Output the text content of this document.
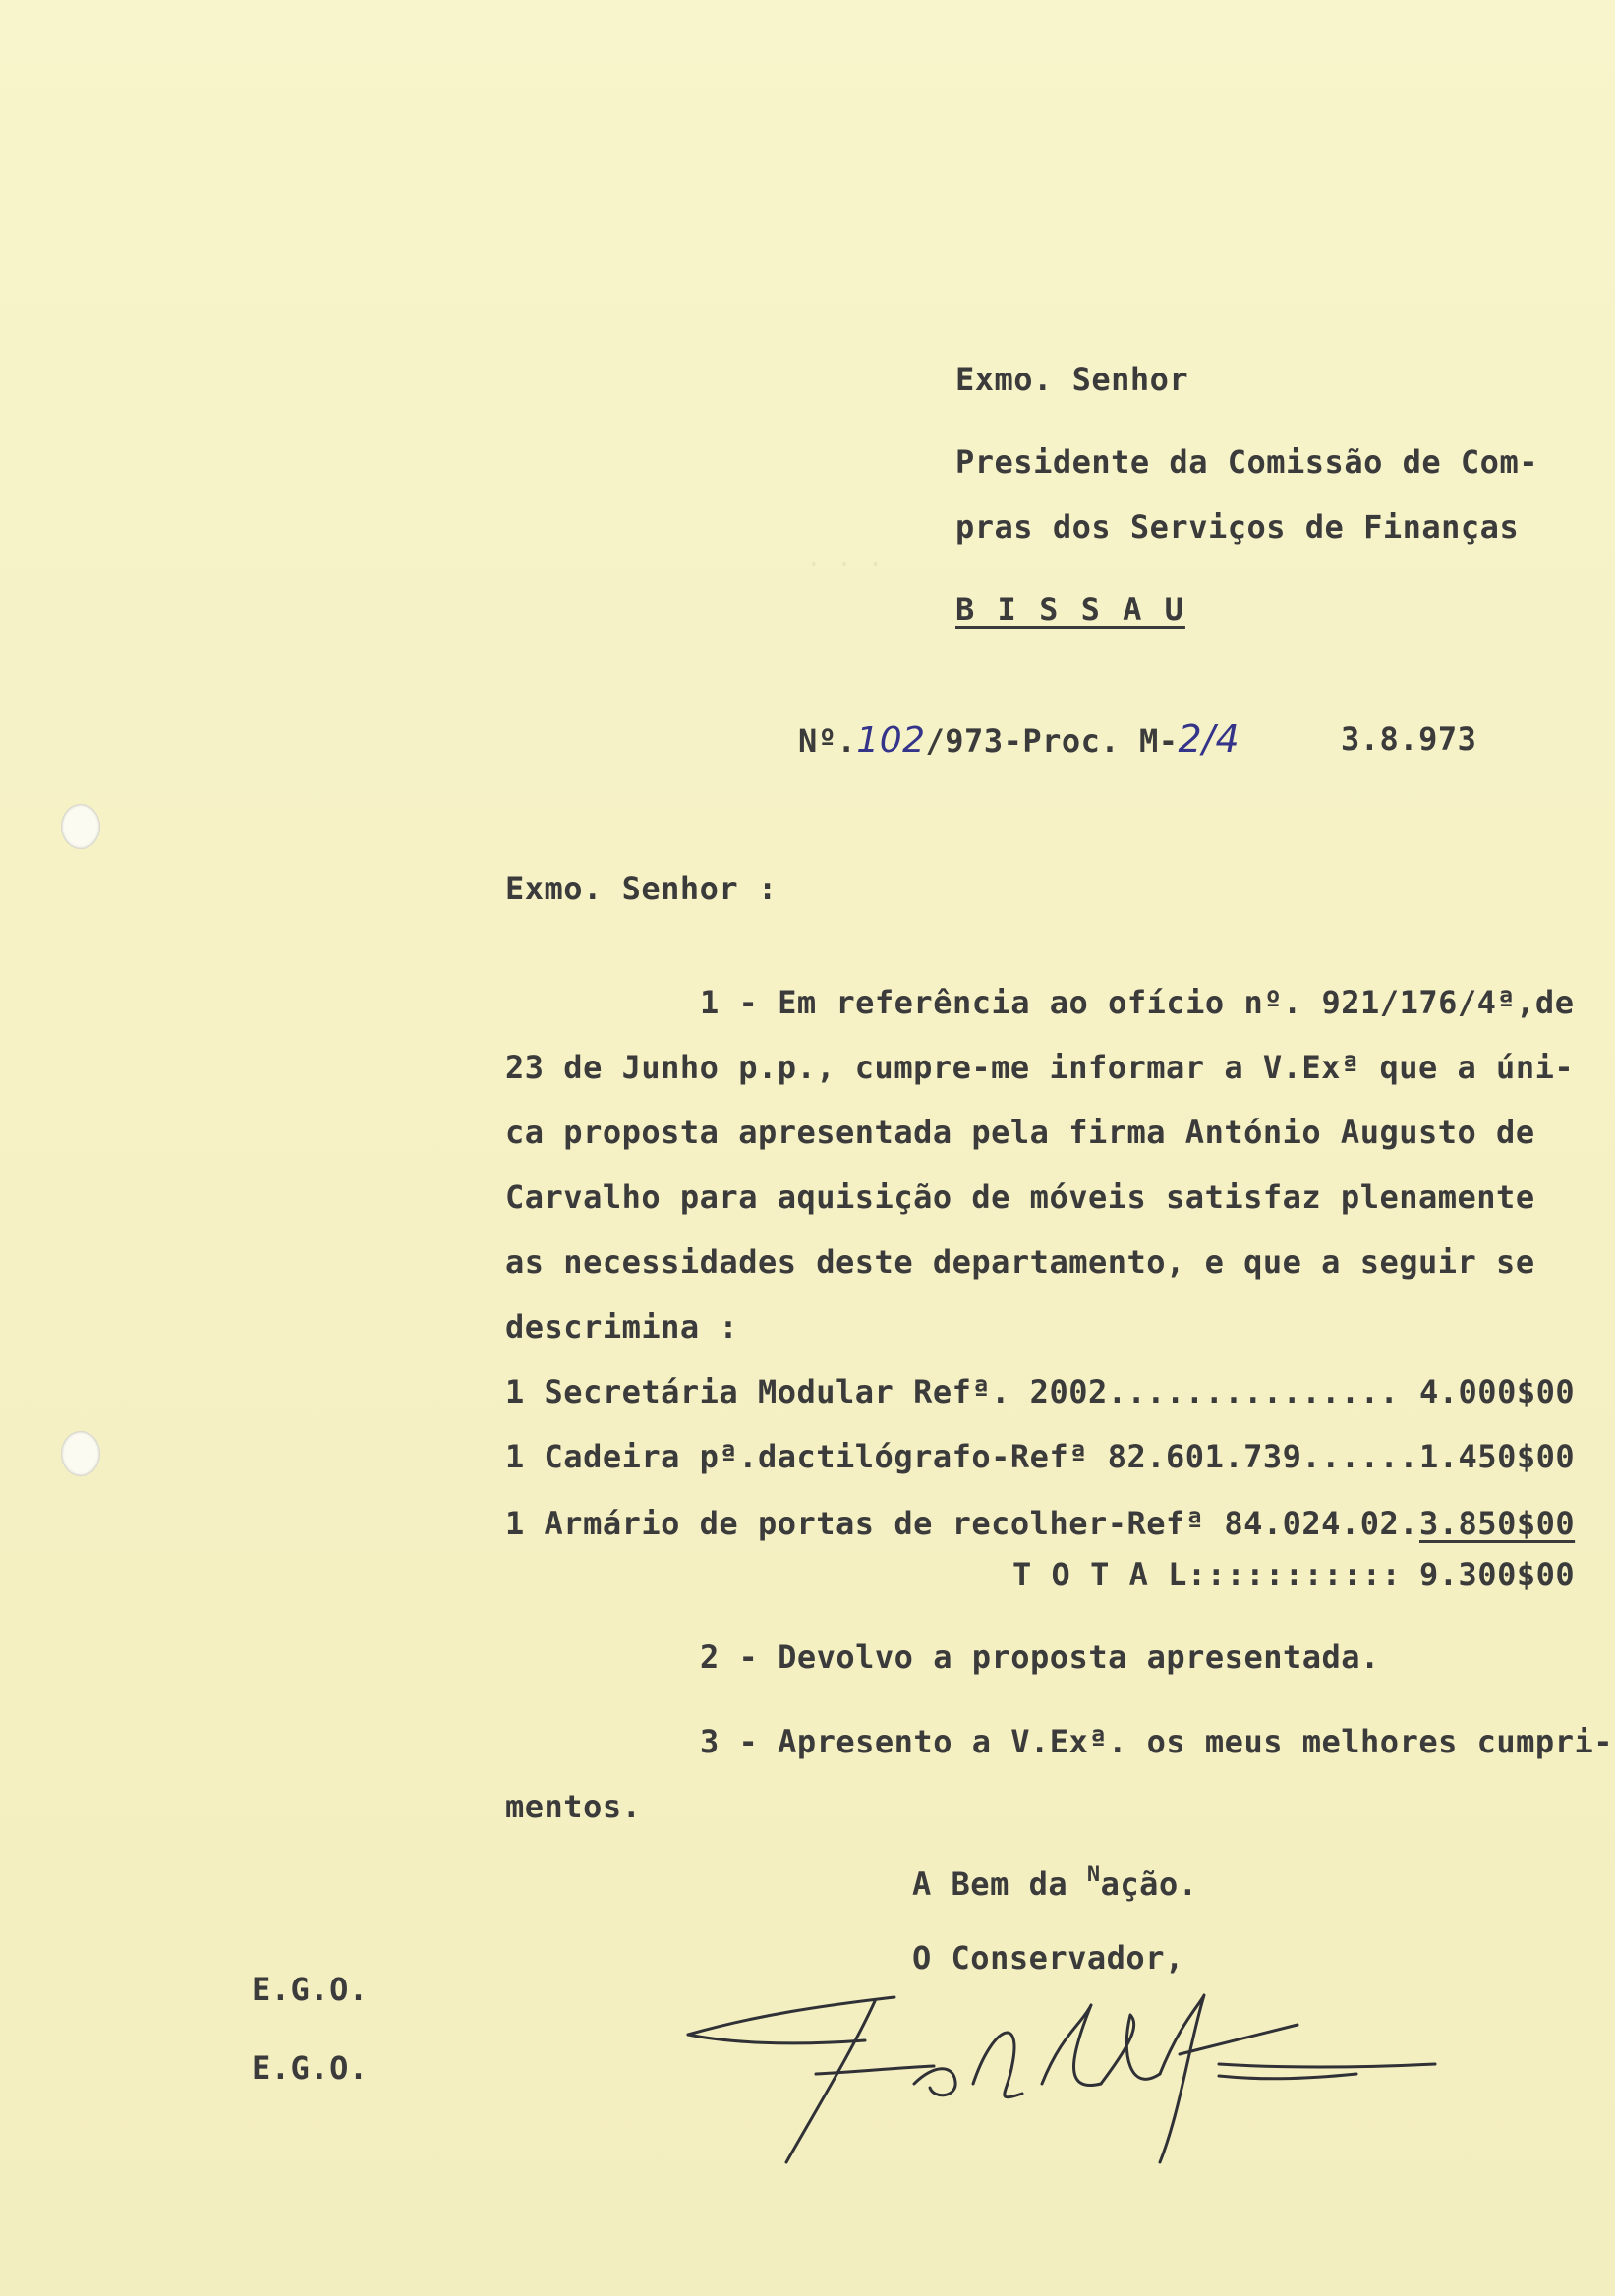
· · ·
Exmo. Senhor
Presidente da Comissão de Com-
pras dos Serviços de Finanças
B I S S A U
Nº.102/973-Proc. M-2/4	3.8.973
Exmo. Senhor :
1 - Em referência ao ofício nº. 921/176/4ª,de
23 de Junho p.p., cumpre-me informar a V.Exª que a úni-
ca proposta apresentada pela firma António Augusto de
Carvalho para aquisição de móveis satisfaz plenamente
as necessidades deste departamento, e que a seguir se
descrimina :
1 Secretária Modular Refª. 2002............... 4.000$00
1 Cadeira pª.dactilógrafo-Refª 82.601.739...... 1.450$00
1 Armário de portas de recolher-Refª 84.024.02. 3.850$00
T O T A L::::::::::: 9.300$00
2 - Devolvo a proposta apresentada.
3 - Apresento a V.Exª. os meus melhores cumpri-
mentos.
A Bem da $^N$ação.
O Conservador,
E.G.O.
E.G.O.
